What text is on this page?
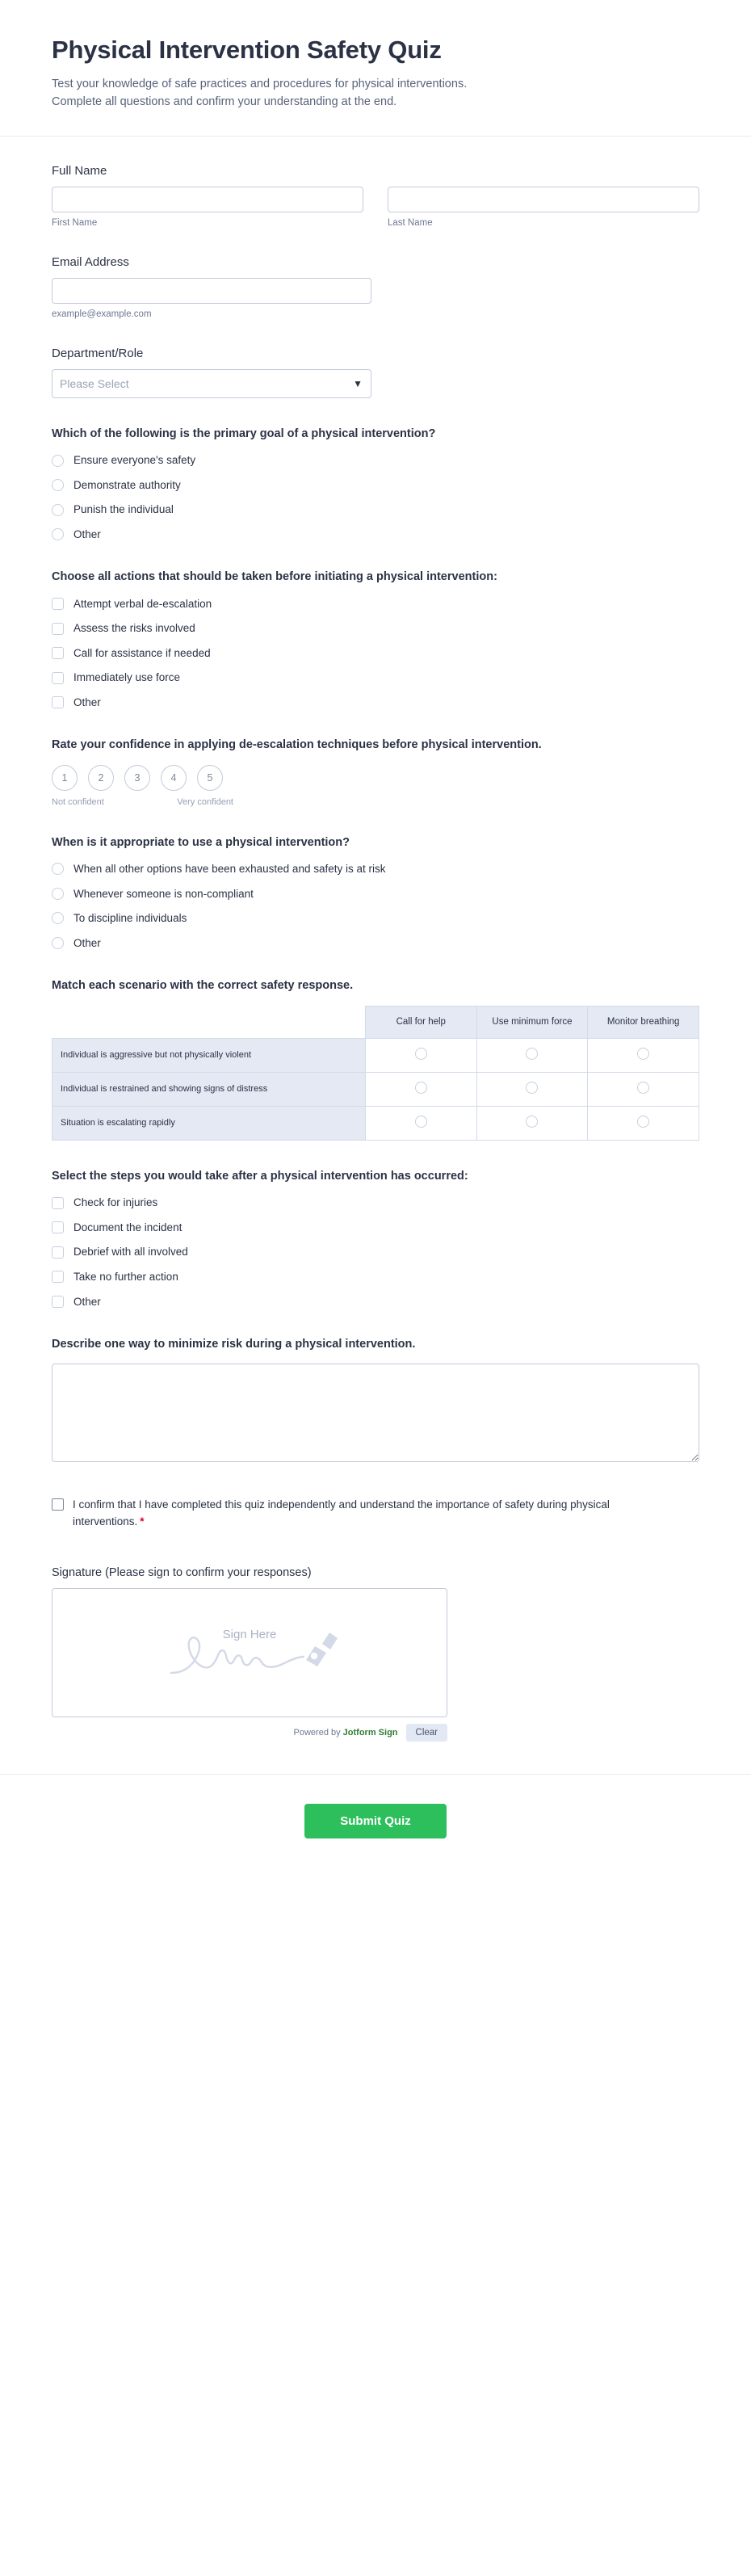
Physical Intervention Safety Quiz

Test your knowledge of safe practices and procedures for physical interventions.
Complete all questions and confirm your understanding at the end.

Full Name
First Name	Last Name
Email Address
example@example.com
Department/Role
Please Select
▼
Which of the following is the primary goal of a physical intervention?
Ensure everyone's safety
Demonstrate authority
Punish the individual
Other
Choose all actions that should be taken before initiating a physical intervention:
Attempt verbal de-escalation
Assess the risks involved
Call for assistance if needed
Immediately use force
Other
Rate your confidence in applying de-escalation techniques before physical intervention.
1	2	3	4	5
Not confident	Very confident
When is it appropriate to use a physical intervention?
When all other options have been exhausted and safety is at risk
Whenever someone is non-compliant
To discipline individuals
Other
Match each scenario with the correct safety response.
	Call for help	Use minimum force	Monitor breathing
Individual is aggressive but not physically violent			
Individual is restrained and showing signs of distress			
Situation is escalating rapidly			
Select the steps you would take after a physical intervention has occurred:
Check for injuries
Document the incident
Debrief with all involved
Take no further action
Other
Describe one way to minimize risk during a physical intervention.
I confirm that I have completed this quiz independently and understand the importance of safety during physical interventions. *
Signature (Please sign to confirm your responses)
Sign Here
Powered by Jotform Sign	Clear
Submit Quiz
